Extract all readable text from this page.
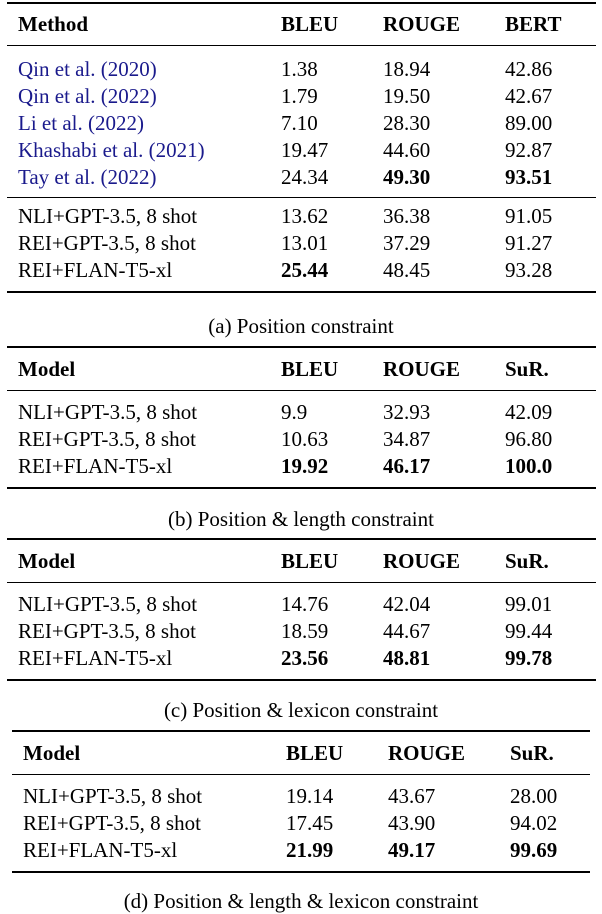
Method	BLEU	ROUGE	BERT

Qin et al. (2020)	1.38	18.94	42.86
Qin et al. (2022)	1.79	19.50	42.67
Li et al. (2022)	7.10	28.30	89.00
Khashabi et al. (2021)	19.47	44.60	92.87
Tay et al. (2022)	24.34	49.30	93.51

NLI+GPT-3.5, 8 shot	13.62	36.38	91.05
REI+GPT-3.5, 8 shot	13.01	37.29	91.27
REI+FLAN-T5-xl	25.44	48.45	93.28
(a) Position constraint
Model	BLEU	ROUGE	SuR.

NLI+GPT-3.5, 8 shot	9.9	32.93	42.09
REI+GPT-3.5, 8 shot	10.63	34.87	96.80
REI+FLAN-T5-xl	19.92	46.17	100.0
(b) Position & length constraint
Model	BLEU	ROUGE	SuR.

NLI+GPT-3.5, 8 shot	14.76	42.04	99.01
REI+GPT-3.5, 8 shot	18.59	44.67	99.44
REI+FLAN-T5-xl	23.56	48.81	99.78
(c) Position & lexicon constraint
Model	BLEU	ROUGE	SuR.

NLI+GPT-3.5, 8 shot	19.14	43.67	28.00
REI+GPT-3.5, 8 shot	17.45	43.90	94.02
REI+FLAN-T5-xl	21.99	49.17	99.69
(d) Position & length & lexicon constraint
